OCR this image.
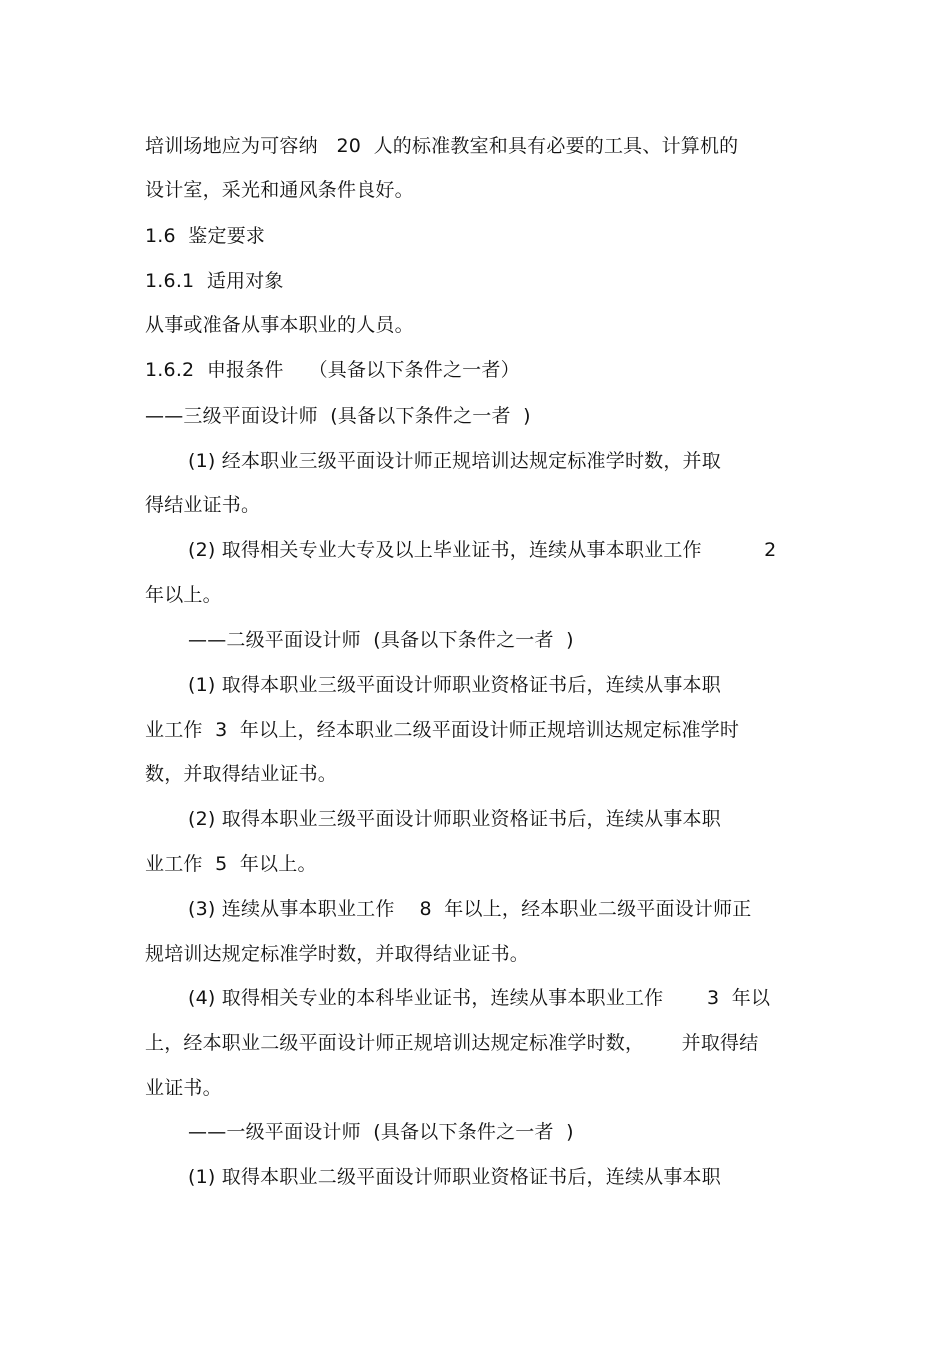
培训场地应为可容纳   20  人的标准教室和具有必要的工具、计算机的
设计室，采光和通风条件良好。
1.6  鉴定要求
1.6.1  适用对象
从事或准备从事本职业的人员。
1.6.2  申报条件    （具备以下条件之一者）
——三级平面设计师  (具备以下条件之一者  )
(1) 经本职业三级平面设计师正规培训达规定标准学时数，并取
得结业证书。
(2) 取得相关专业大专及以上毕业证书，连续从事本职业工作          2
年以上。
——二级平面设计师  (具备以下条件之一者  )
(1) 取得本职业三级平面设计师职业资格证书后，连续从事本职
业工作  3  年以上，经本职业二级平面设计师正规培训达规定标准学时
数，并取得结业证书。
(2) 取得本职业三级平面设计师职业资格证书后，连续从事本职
业工作  5  年以上。
(3) 连续从事本职业工作    8  年以上，经本职业二级平面设计师正
规培训达规定标准学时数，并取得结业证书。
(4) 取得相关专业的本科毕业证书，连续从事本职业工作       3  年以
上，经本职业二级平面设计师正规培训达规定标准学时数，      并取得结
业证书。
——一级平面设计师  (具备以下条件之一者  )
(1) 取得本职业二级平面设计师职业资格证书后，连续从事本职
